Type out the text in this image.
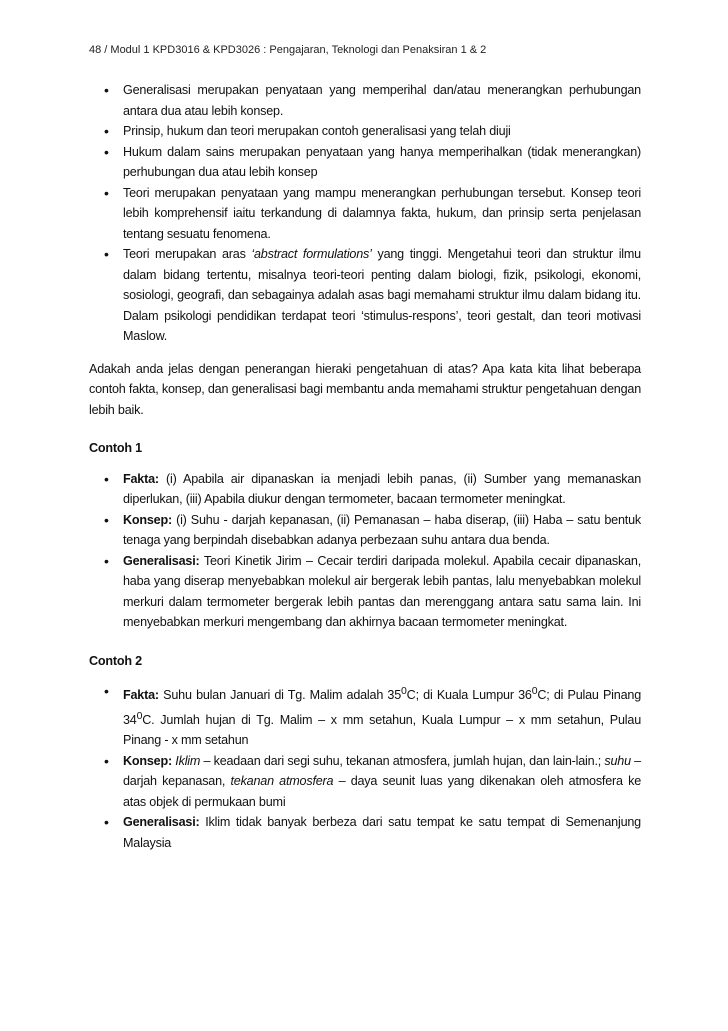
48 / Modul 1 KPD3016 & KPD3026 : Pengajaran, Teknologi dan Penaksiran 1 & 2
• Generalisasi merupakan penyataan yang memperihal dan/atau menerangkan perhubungan antara dua atau lebih konsep.
• Prinsip, hukum dan teori merupakan contoh generalisasi yang telah diuji
• Hukum dalam sains merupakan penyataan yang hanya memperihalkan (tidak menerangkan) perhubungan dua atau lebih konsep
• Teori merupakan penyataan yang mampu menerangkan perhubungan tersebut. Konsep teori lebih komprehensif iaitu terkandung di dalamnya fakta, hukum, dan prinsip serta penjelasan tentang sesuatu fenomena.
• Teori merupakan aras ‘abstract formulations’ yang tinggi. Mengetahui teori dan struktur ilmu dalam bidang tertentu, misalnya teori-teori penting dalam biologi, fizik, psikologi, ekonomi, sosiologi, geografi, dan sebagainya adalah asas bagi memahami struktur ilmu dalam bidang itu. Dalam psikologi pendidikan terdapat teori ‘stimulus-respons’, teori gestalt, dan teori motivasi Maslow.

Adakah anda jelas dengan penerangan hieraki pengetahuan di atas? Apa kata kita lihat beberapa contoh fakta, konsep, dan generalisasi bagi membantu anda memahami struktur pengetahuan dengan lebih baik.

Contoh 1
• Fakta: (i) Apabila air dipanaskan ia menjadi lebih panas, (ii) Sumber yang memanaskan diperlukan, (iii) Apabila diukur dengan termometer, bacaan termometer meningkat.
• Konsep: (i) Suhu - darjah kepanasan, (ii) Pemanasan – haba diserap, (iii) Haba – satu bentuk tenaga yang berpindah disebabkan adanya perbezaan suhu antara dua benda.
• Generalisasi: Teori Kinetik Jirim – Cecair terdiri daripada molekul. Apabila cecair dipanaskan, haba yang diserap menyebabkan molekul air bergerak lebih pantas, lalu menyebabkan molekul merkuri dalam termometer bergerak lebih pantas dan merenggang antara satu sama lain. Ini menyebabkan merkuri mengembang dan akhirnya bacaan termometer meningkat.
Contoh 2
• Fakta: Suhu bulan Januari di Tg. Malim adalah $35^0C$; di Kuala Lumpur $36^0C$; di Pulau Pinang $34^0C$. Jumlah hujan di Tg. Malim – x mm setahun, Kuala Lumpur – x mm setahun, Pulau Pinang - x mm setahun
• Konsep: Iklim – keadaan dari segi suhu, tekanan atmosfera, jumlah hujan, dan lain-lain.; suhu – darjah kepanasan, tekanan atmosfera – daya seunit luas yang dikenakan oleh atmosfera ke atas objek di permukaan bumi
• Generalisasi: Iklim tidak banyak berbeza dari satu tempat ke satu tempat di Semenanjung Malaysia
